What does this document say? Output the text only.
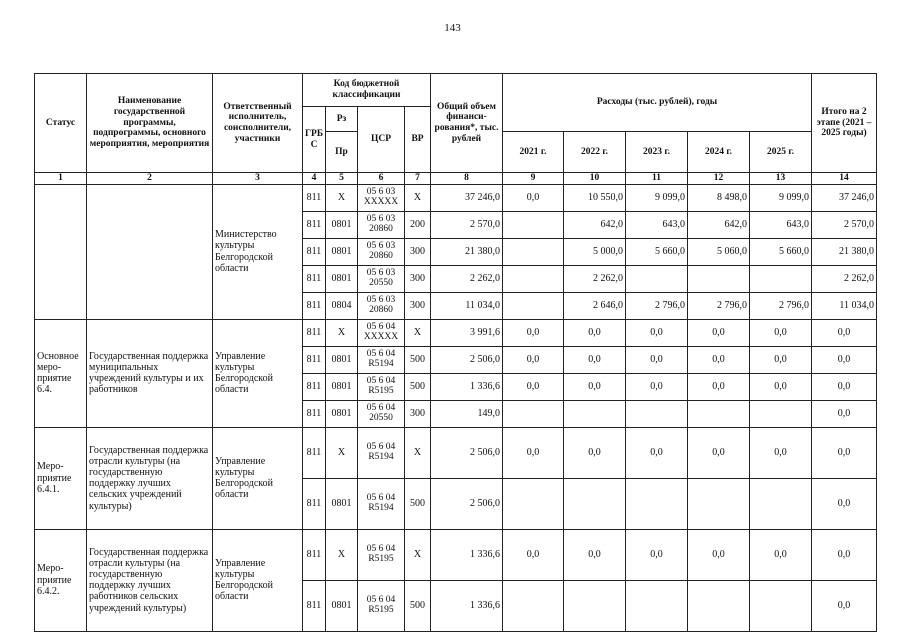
143
Статус	Наименование государственной программы, подпрограммы, основного мероприятия, мероприятия	Ответственный исполнитель, соисполнители, участники	Код бюджетной классификации				Общий объем финанси-рования*, тыс. рублей	Расходы (тыс. рублей), годы					Итого на 2 этапе (2021 – 2025 годы)
			ГРБ С	Рз	ЦСР	ВР							
				Пр				2021 г.	2022 г.	2023 г.	2024 г.	2025 г.	
1	2	3	4	5	6	7	8	9	10	11	12	13	14
		Министерство культуры Белгородской области	811	X	05 6 03 XXXXX	X	37 246,0	0,0	10 550,0	9 099,0	8 498,0	9 099,0	37 246,0
			811	0801	05 6 03 20860	200	2 570,0		642,0	643,0	642,0	643,0	2 570,0
			811	0801	05 6 03 20860	300	21 380,0		5 000,0	5 660,0	5 060,0	5 660,0	21 380,0
			811	0801	05 6 03 20550	300	2 262,0		2 262,0				2 262,0
			811	0804	05 6 03 20860	300	11 034,0		2 646,0	2 796,0	2 796,0	2 796,0	11 034,0
Основное меро-приятие 6.4.	Государственная поддержка муниципальных учреждений культуры и их работников	Управление культуры Белгородской области	811	X	05 6 04 XXXXX	X	3 991,6	0,0	0,0	0,0	0,0	0,0	0,0
			811	0801	05 6 04 R5194	500	2 506,0	0,0	0,0	0,0	0,0	0,0	0,0
			811	0801	05 6 04 R5195	500	1 336,6	0,0	0,0	0,0	0,0	0,0	0,0
			811	0801	05 6 04 20550	300	149,0						0,0
Меро-приятие 6.4.1.	Государственная поддержка отрасли культуры (на государственную поддержку лучших сельских учреждений культуры)	Управление культуры Белгородской области	811	X	05 6 04 R5194	X	2 506,0	0,0	0,0	0,0	0,0	0,0	0,0
			811	0801	05 6 04 R5194	500	2 506,0						0,0
Меро-приятие 6.4.2.	Государственная поддержка отрасли культуры (на государственную поддержку лучших работников сельских учреждений культуры)	Управление культуры Белгородской области	811	X	05 6 04 R5195	X	1 336,6	0,0	0,0	0,0	0,0	0,0	0,0
			811	0801	05 6 04 R5195	500	1 336,6						0,0
